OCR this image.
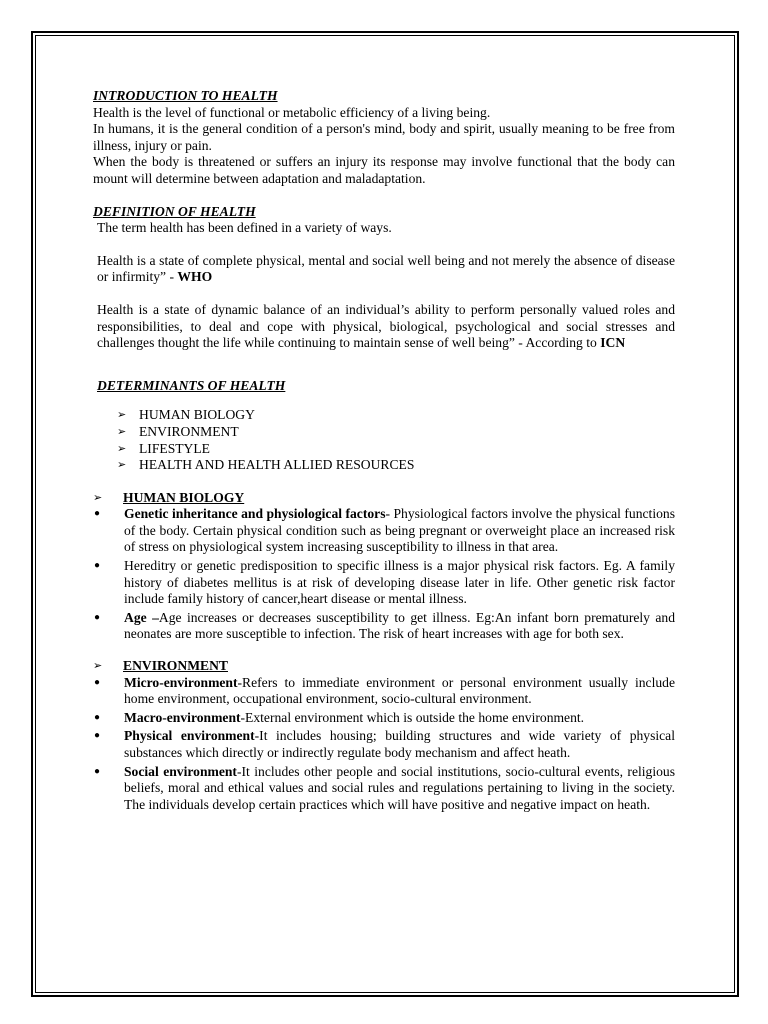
INTRODUCTION TO HEALTH

Health is the level of functional or metabolic efficiency of a living being.

In humans, it is the general condition of a person's mind, body and spirit, usually meaning to be free from illness, injury or pain.

When the body is threatened or suffers an injury its response may involve functional that the body can mount will determine between adaptation and maladaptation.

DEFINITION OF HEALTH

The term health has been defined in a variety of ways.

Health is a state of complete physical, mental and social well being and not merely the absence of disease or infirmity” - WHO

Health is a state of dynamic balance of an individual’s ability to perform personally valued roles and responsibilities, to deal and cope with physical, biological, psychological and social stresses and challenges thought the life while continuing to maintain sense of well being” - According to ICN

DETERMINANTS OF HEALTH

➢ HUMAN BIOLOGY
➢ ENVIRONMENT
➢ LIFESTYLE
➢ HEALTH AND HEALTH ALLIED RESOURCES
➢	HUMAN BIOLOGY
●	Genetic inheritance and physiological factors- Physiological factors involve the physical functions of the body. Certain physical condition such as being pregnant or overweight place an increased risk of stress on physiological system increasing susceptibility to illness in that area.
●	Hereditry or genetic predisposition to specific illness is a major physical risk factors. Eg. A family history of diabetes mellitus is at risk of developing disease later in life. Other genetic risk factor include family history of cancer,heart disease or mental illness.
●	Age –Age increases or decreases susceptibility to get illness. Eg:An infant born prematurely and neonates are more susceptible to infection. The risk of heart increases with age for both sex.
➢	ENVIRONMENT
●	Micro-environment-Refers to immediate environment or personal environment usually include home environment, occupational environment, socio-cultural environment.
●	Macro-environment-External environment which is outside the home environment.
●	Physical environment-It includes housing; building structures and wide variety of physical substances which directly or indirectly regulate body mechanism and affect heath.
●	Social environment-It includes other people and social institutions, socio-cultural events, religious beliefs, moral and ethical values and social rules and regulations pertaining to living in the society. The individuals develop certain practices which will have positive and negative impact on heath.
